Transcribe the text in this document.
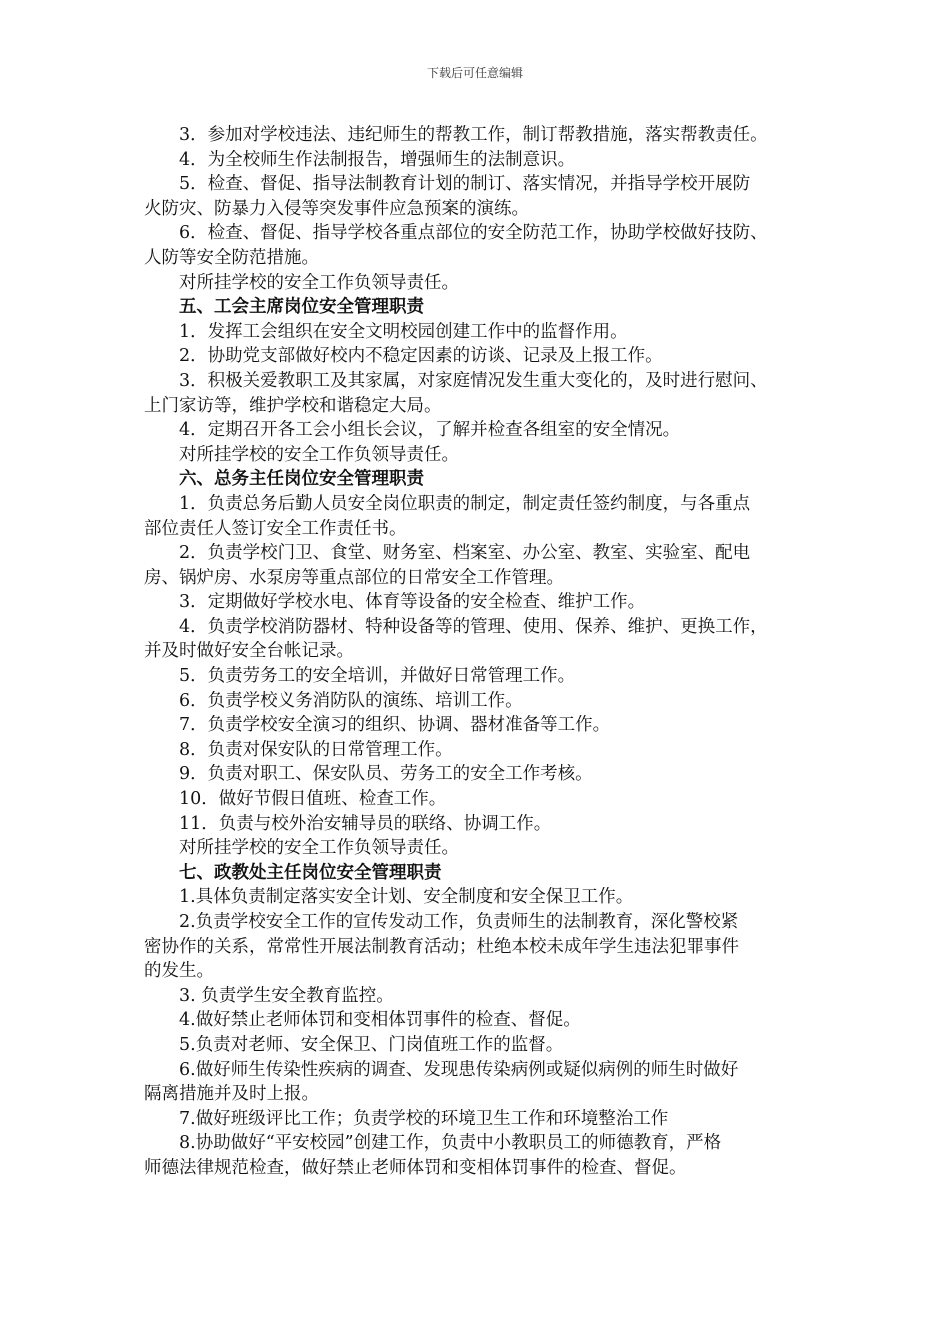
下载后可任意编辑
3．参加对学校违法、违纪师生的帮教工作，制订帮教措施，落实帮教责任。
4．为全校师生作法制报告，增强师生的法制意识。
5．检查、督促、指导法制教育计划的制订、落实情况，并指导学校开展防
火防灾、防暴力入侵等突发事件应急预案的演练。
6．检查、督促、指导学校各重点部位的安全防范工作，协助学校做好技防、
人防等安全防范措施。
对所挂学校的安全工作负领导责任。
五、工会主席岗位安全管理职责
1．发挥工会组织在安全文明校园创建工作中的监督作用。
2．协助党支部做好校内不稳定因素的访谈、记录及上报工作。
3．积极关爱教职工及其家属，对家庭情况发生重大变化的，及时进行慰问、
上门家访等，维护学校和谐稳定大局。
4．定期召开各工会小组长会议，了解并检查各组室的安全情况。
对所挂学校的安全工作负领导责任。
六、总务主任岗位安全管理职责
1．负责总务后勤人员安全岗位职责的制定，制定责任签约制度，与各重点
部位责任人签订安全工作责任书。
2．负责学校门卫、食堂、财务室、档案室、办公室、教室、实验室、配电
房、锅炉房、水泵房等重点部位的日常安全工作管理。
3．定期做好学校水电、体育等设备的安全检查、维护工作。
4．负责学校消防器材、特种设备等的管理、使用、保养、维护、更换工作，
并及时做好安全台帐记录。
5．负责劳务工的安全培训，并做好日常管理工作。
6．负责学校义务消防队的演练、培训工作。
7．负责学校安全演习的组织、协调、器材准备等工作。
8．负责对保安队的日常管理工作。
9．负责对职工、保安队员、劳务工的安全工作考核。
10．做好节假日值班、检查工作。
11．负责与校外治安辅导员的联络、协调工作。
对所挂学校的安全工作负领导责任。
七、政教处主任岗位安全管理职责
1.具体负责制定落实安全计划、安全制度和安全保卫工作。
2.负责学校安全工作的宣传发动工作，负责师生的法制教育，深化警校紧
密协作的关系，常常性开展法制教育活动；杜绝本校未成年学生违法犯罪事件
的发生。
3. 负责学生安全教育监控。
4.做好禁止老师体罚和变相体罚事件的检查、督促。
5.负责对老师、安全保卫、门岗值班工作的监督。
6.做好师生传染性疾病的调查、发现患传染病例或疑似病例的师生时做好
隔离措施并及时上报。
7.做好班级评比工作；负责学校的环境卫生工作和环境整治工作
8.协助做好“平安校园”创建工作，负责中小教职员工的师德教育，严格
师德法律规范检查，做好禁止老师体罚和变相体罚事件的检查、督促。
